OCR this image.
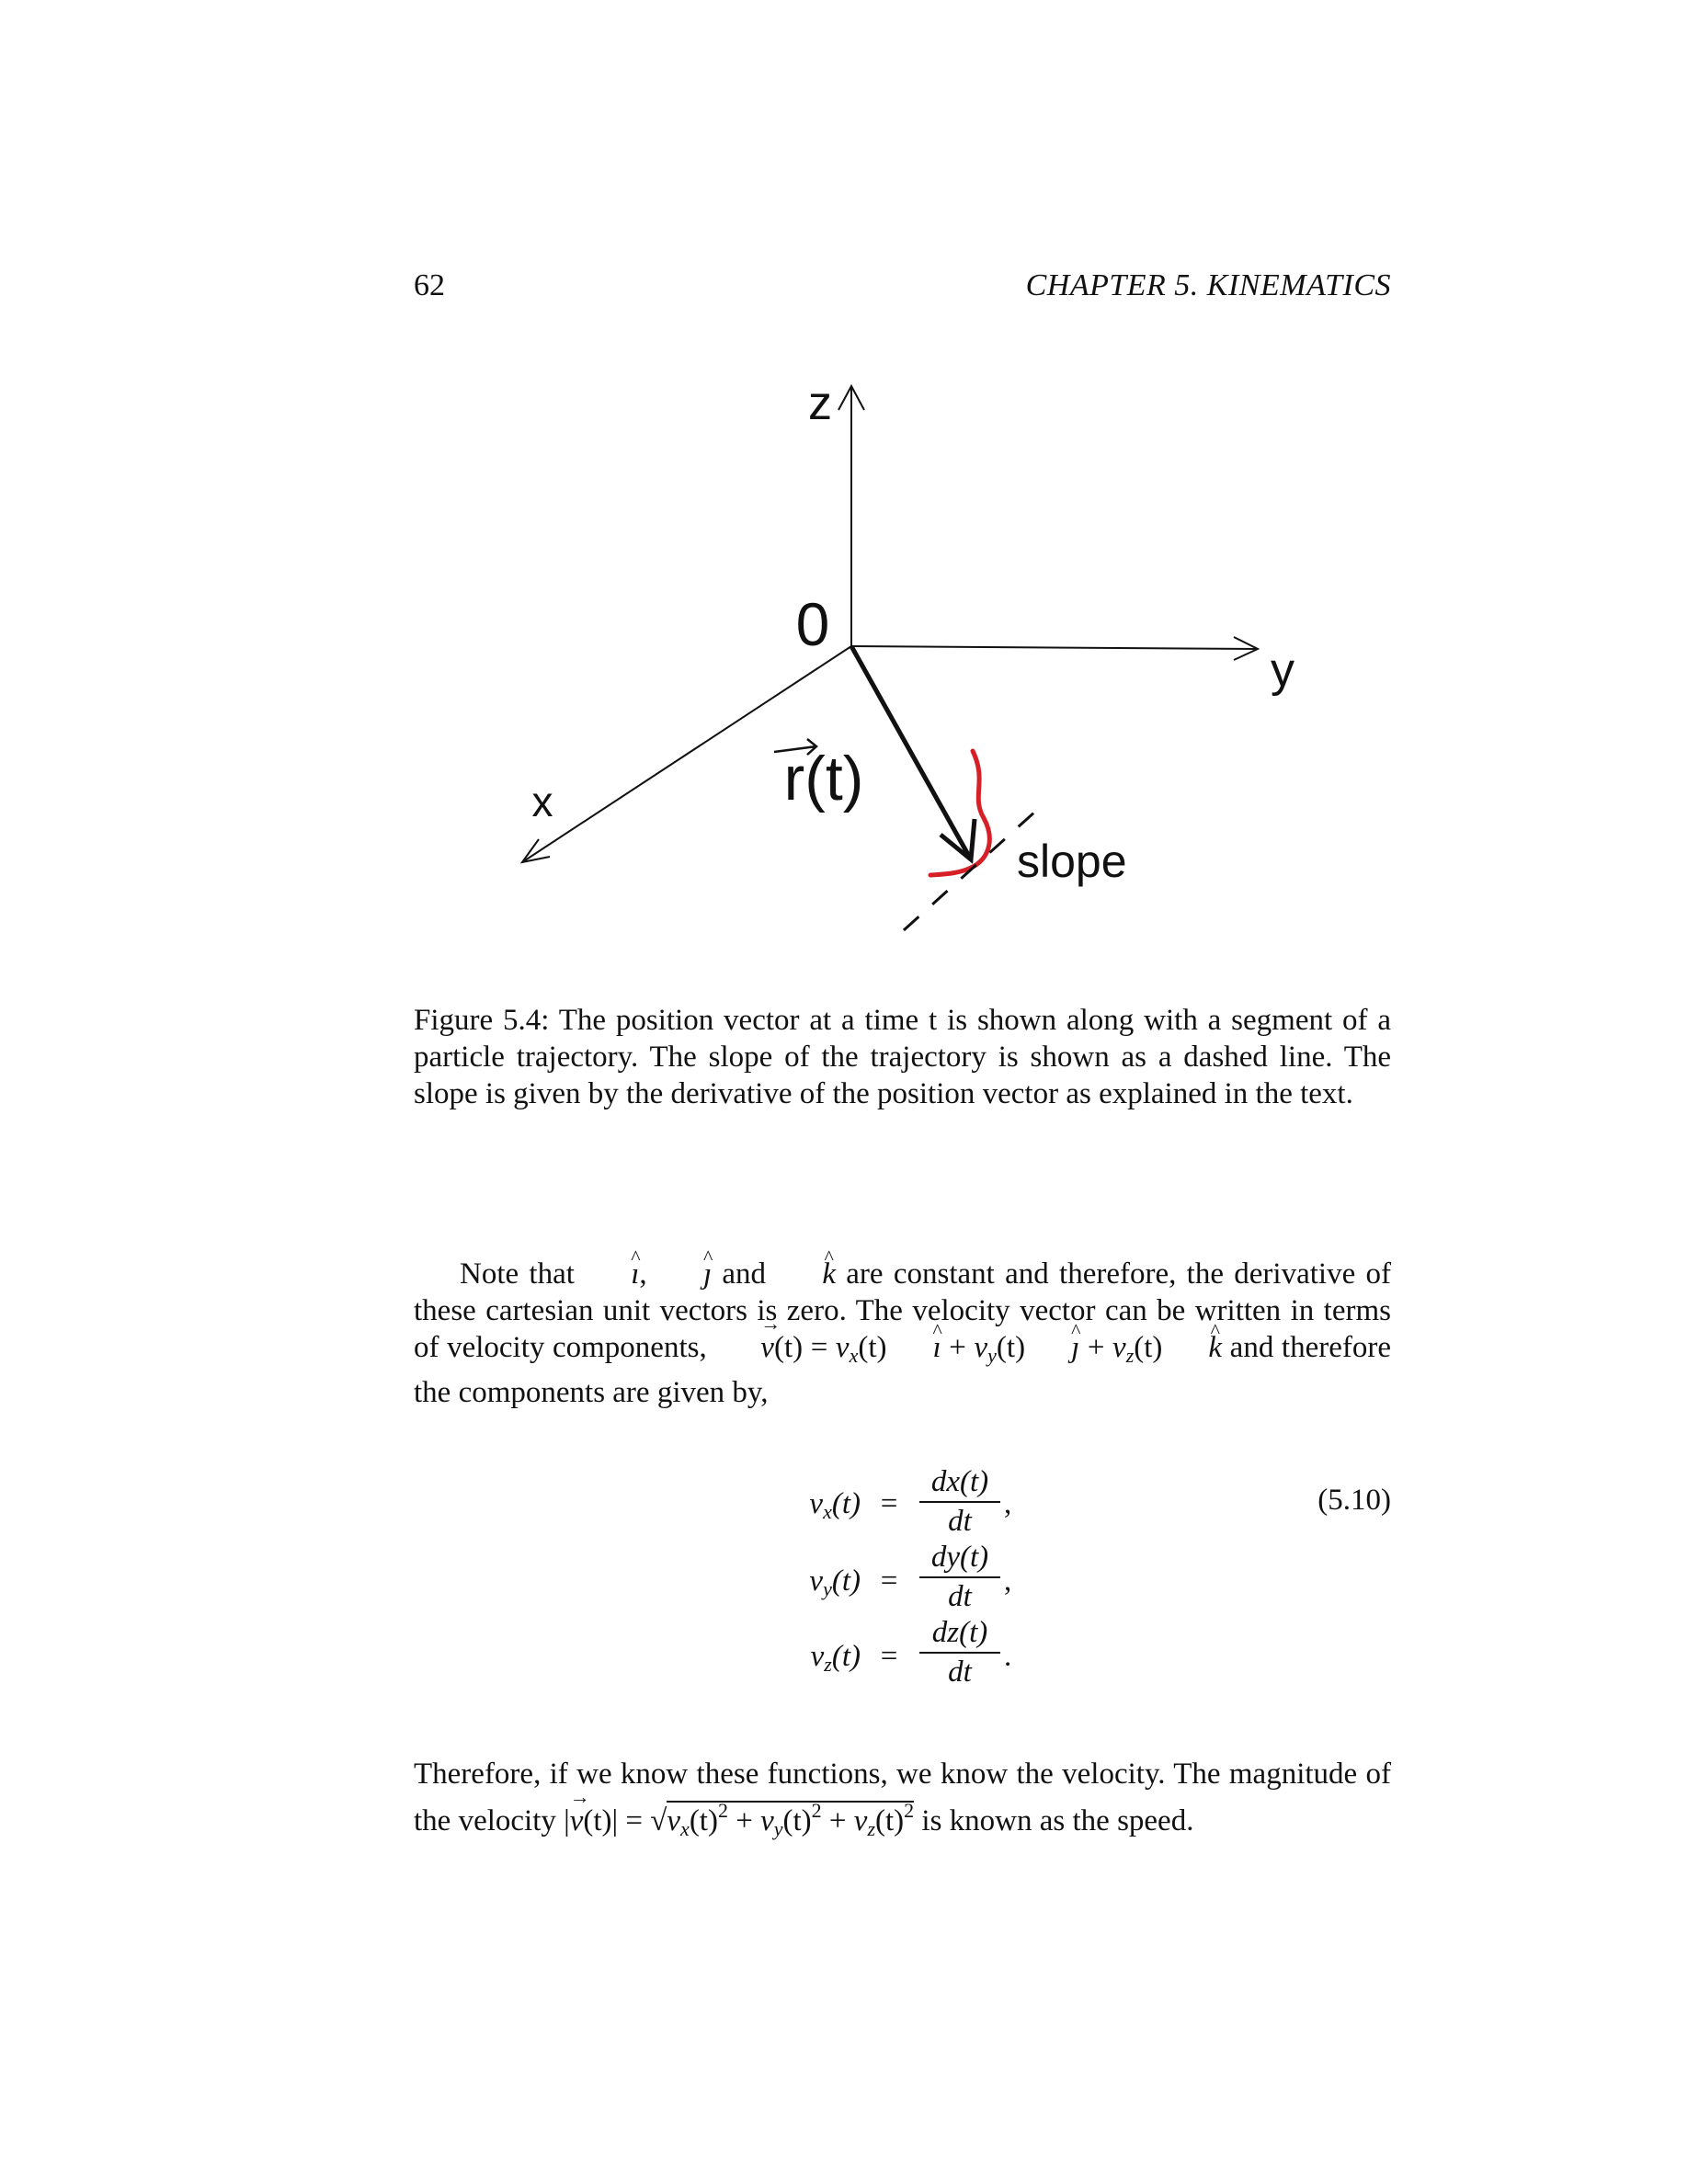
62	CHAPTER 5. KINEMATICS
z
0
y
x	r(t)
slope
Figure 5.4: The position vector at a time t is shown along with a segment of a particle trajectory. The slope of the trajectory is shown as a dashed line. The slope is given by the derivative of the position vector as explained in the text.
Note that ^ ı, ^ ȷ and ^ k are constant and therefore, the derivative of these cartesian unit vectors is zero. The velocity vector can be written in terms of velocity components, → $v(t) = v_x(t)\^{}$ ı + $v_y(t)\^{}$ ȷ + $v_z(t)\^{}$ k and therefore the components are given by,
$v_x(t) = \frac{dx(t)}{dt}$ ,
$v_y(t) = \frac{dy(t)}{dt}$ ,
$v_z(t) = \frac{dz(t)}{dt}$ .
(5.10)
Therefore, if we know these functions, we know the velocity. The magnitude of the velocity |→ $v(t)| = √v_x(t)^2 + v_y(t)^2 + v_z(t)^2$ is known as the speed.
